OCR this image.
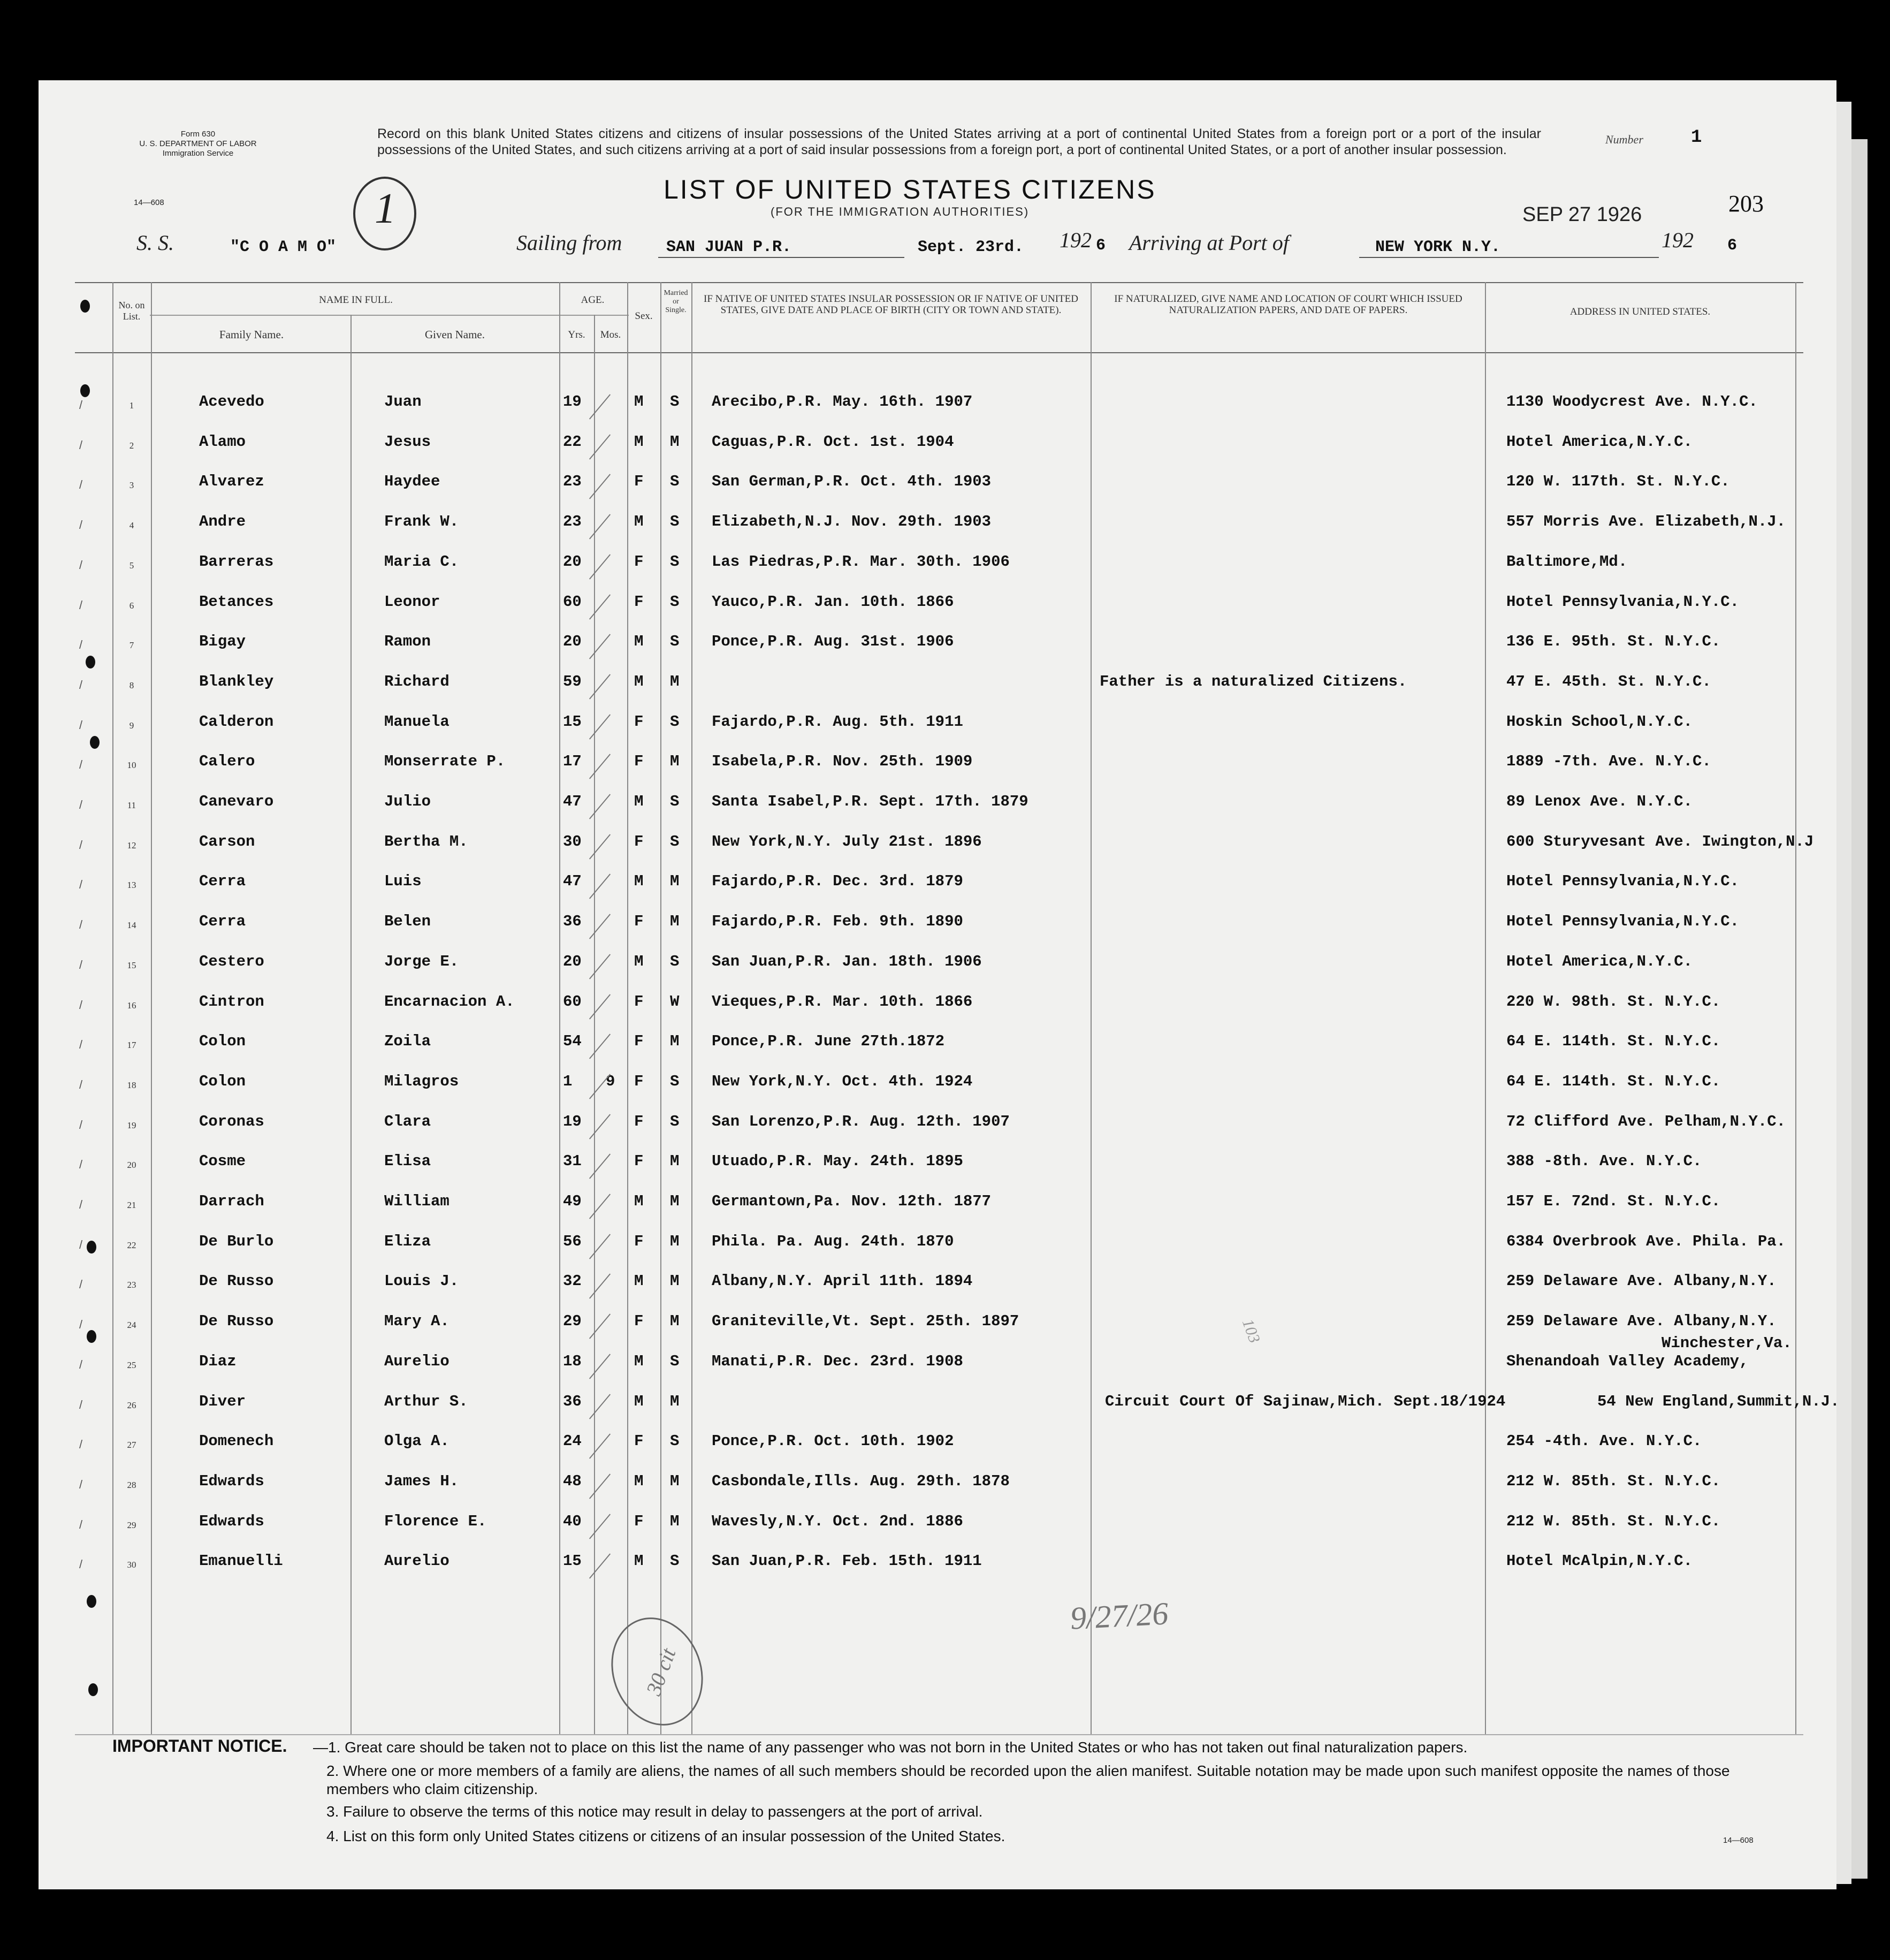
Form 630
U. S. DEPARTMENT OF LABOR
Immigration Service
14—608
Record on this blank United States citizens and citizens of insular possessions of the United States arriving at a port of continental United States from a foreign port or a port of the insular possessions of the United States, and such citizens arriving at a port of said insular possessions from a foreign port, a port of continental United States, or a port of another insular possession.
Number	1
LIST OF UNITED STATES CITIZENS
(FOR THE IMMIGRATION AUTHORITIES)	SEP 27 1926	203
1
S. S.	"C O A M O"	Sailing from	SAN JUAN P.R.	Sept. 23rd. 192 6 Arriving at Port of	NEW YORK N.Y.	192 6
No. on List.
NAME IN FULL.
Family Name.	Given Name.
AGE.
Yrs.	Mos.
Sex.
Married or Single.
IF NATIVE OF UNITED STATES INSULAR POSSESSION OR IF NATIVE OF UNITED STATES, GIVE DATE AND PLACE OF BIRTH (CITY OR TOWN AND STATE).
IF NATURALIZED, GIVE NAME AND LOCATION OF COURT WHICH ISSUED NATURALIZATION PAPERS, AND DATE OF PAPERS.	ADDRESS IN UNITED STATES.
1
/	Acevedo	Juan	19	M S Arecibo,P.R. May. 16th. 1907	1130 Woodycrest Ave. N.Y.C.
2
/	Alamo	Jesus	22	M M Caguas,P.R. Oct. 1st. 1904	Hotel America,N.Y.C.
3
/	Alvarez	Haydee	23	F S San German,P.R. Oct. 4th. 1903	120 W. 117th. St. N.Y.C.
4
/	Andre	Frank W.	23	M S Elizabeth,N.J. Nov. 29th. 1903	557 Morris Ave. Elizabeth,N.J.
5
/	Barreras	Maria C.	20	F S Las Piedras,P.R. Mar. 30th. 1906	Baltimore,Md.
6
/	Betances	Leonor	60	F S Yauco,P.R. Jan. 10th. 1866	Hotel Pennsylvania,N.Y.C.
7
/	Bigay	Ramon	20	M S Ponce,P.R. Aug. 31st. 1906	136 E. 95th. St. N.Y.C.
8
/	Blankley	Richard	59	M M	Father is a naturalized Citizens.	47 E. 45th. St. N.Y.C.
9
/	Calderon	Manuela	15	F S Fajardo,P.R. Aug. 5th. 1911	Hoskin School,N.Y.C.
10
/	Calero	Monserrate P.	17	F M Isabela,P.R. Nov. 25th. 1909	1889 -7th. Ave. N.Y.C.
11
/	Canevaro	Julio	47	M S Santa Isabel,P.R. Sept. 17th. 1879	89 Lenox Ave. N.Y.C.
12
/	Carson	Bertha M.	30	F S New York,N.Y. July 21st. 1896	600 Sturyvesant Ave. Iwington,N.J
13
/	Cerra	Luis	47	M M Fajardo,P.R. Dec. 3rd. 1879	Hotel Pennsylvania,N.Y.C.
14
/	Cerra	Belen	36	F M Fajardo,P.R. Feb. 9th. 1890	Hotel Pennsylvania,N.Y.C.
15
/	Cestero	Jorge E.	20	M S San Juan,P.R. Jan. 18th. 1906	Hotel America,N.Y.C.
16
/	Cintron	Encarnacion A.	60	F W Vieques,P.R. Mar. 10th. 1866	220 W. 98th. St. N.Y.C.
17
/	Colon	Zoila	54	F M Ponce,P.R. June 27th.1872	64 E. 114th. St. N.Y.C.
18
/	Colon	Milagros	1 9 F S New York,N.Y. Oct. 4th. 1924	64 E. 114th. St. N.Y.C.
19
/	Coronas	Clara	19	F S San Lorenzo,P.R. Aug. 12th. 1907	72 Clifford Ave. Pelham,N.Y.C.
20
/	Cosme	Elisa	31	F M Utuado,P.R. May. 24th. 1895	388 -8th. Ave. N.Y.C.
21
/	Darrach	William	49	M M Germantown,Pa. Nov. 12th. 1877	157 E. 72nd. St. N.Y.C.
22
/	De Burlo	Eliza	56	F M Phila. Pa. Aug. 24th. 1870	6384 Overbrook Ave. Phila. Pa.
23
/	De Russo	Louis J.	32	M M Albany,N.Y. April 11th. 1894	259 Delaware Ave. Albany,N.Y.
24
/	De Russo	Mary A.	29	F M Graniteville,Vt. Sept. 25th. 1897	259 Delaware Ave. Albany,N.Y.
25
/	Diaz	Aurelio	18	M S Manati,P.R. Dec. 23rd. 1908	Shenandoah Valley Academy,
Winchester,Va.
26
/	Diver	Arthur S.	36	M M	Circuit Court Of Sajinaw,Mich. Sept.18/1924	54 New England,Summit,N.J.
27
/	Domenech	Olga A.	24	F S Ponce,P.R. Oct. 10th. 1902	254 -4th. Ave. N.Y.C.
28
/	Edwards	James H.	48	M M Casbondale,Ills. Aug. 29th. 1878	212 W. 85th. St. N.Y.C.
29
/	Edwards	Florence E.	40	F M Wavesly,N.Y. Oct. 2nd. 1886	212 W. 85th. St. N.Y.C.
30
/	Emanuelli	Aurelio	15	M S San Juan,P.R. Feb. 15th. 1911	Hotel McAlpin,N.Y.C.
9/27/26
30 cit
103
IMPORTANT NOTICE. —1. Great care should be taken not to place on this list the name of any passenger who was not born in the United States or who has not taken out final naturalization papers.
2. Where one or more members of a family are aliens, the names of all such members should be recorded upon the alien manifest. Suitable notation may be made upon such manifest opposite the names of those members who claim citizenship.
3. Failure to observe the terms of this notice may result in delay to passengers at the port of arrival.
4. List on this form only United States citizens or citizens of an insular possession of the United States.	14—608
